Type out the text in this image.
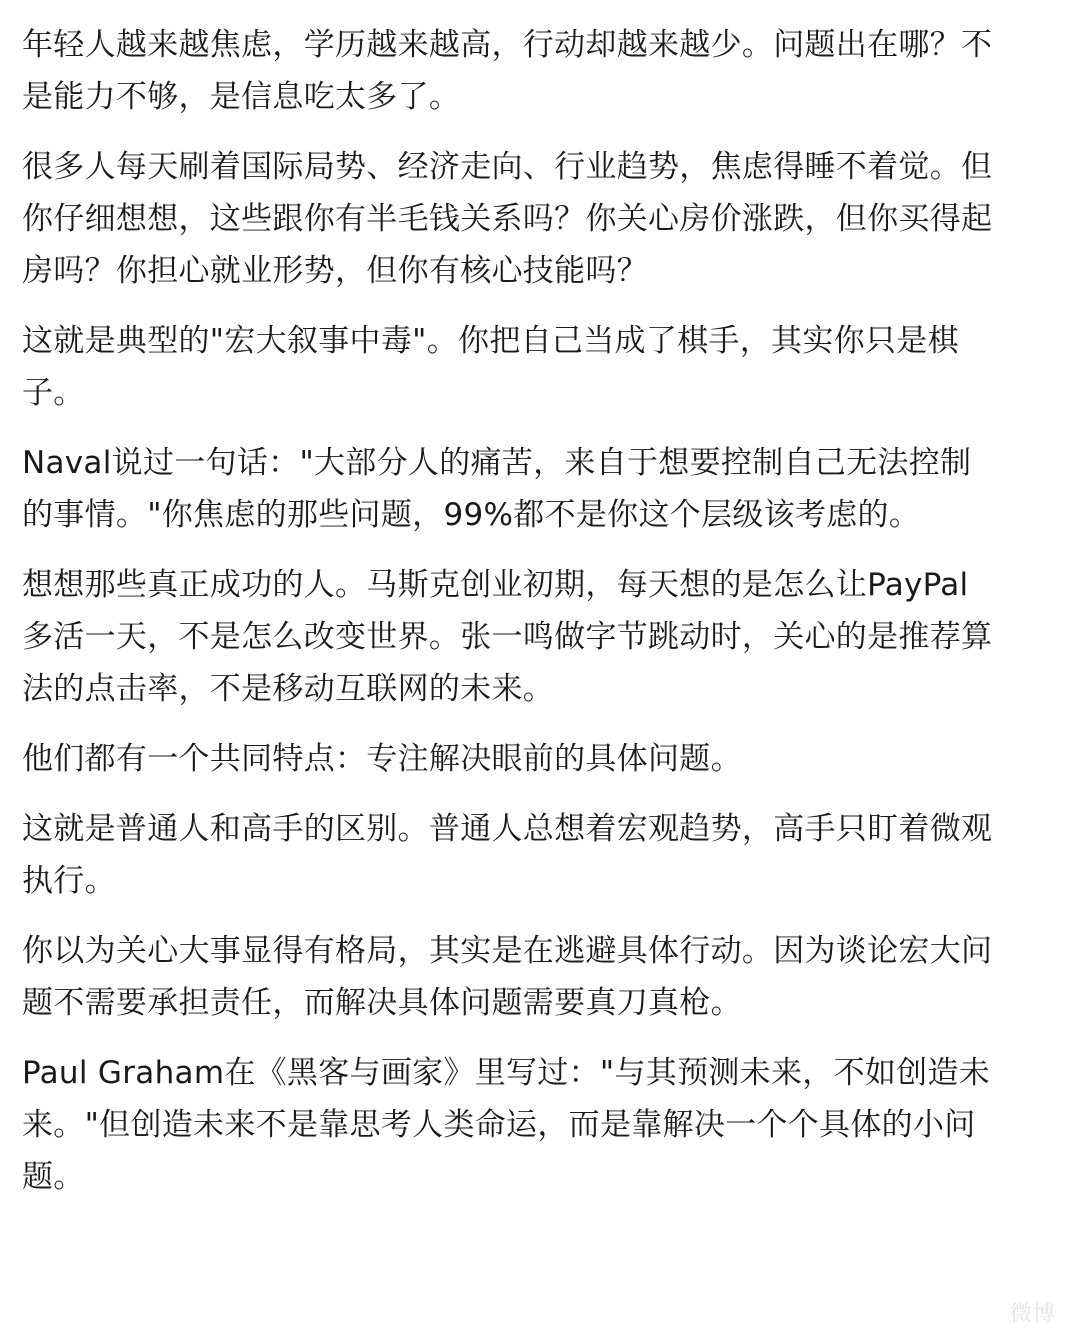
年轻人越来越焦虑，学历越来越高，行动却越来越少。问题出在哪？不是能力不够，是信息吃太多了。

很多人每天刷着国际局势、经济走向、行业趋势，焦虑得睡不着觉。但你仔细想想，这些跟你有半毛钱关系吗？你关心房价涨跌，但你买得起房吗？你担心就业形势，但你有核心技能吗？

这就是典型的"宏大叙事中毒"。你把自己当成了棋手，其实你只是棋子。

Naval说过一句话："大部分人的痛苦，来自于想要控制自己无法控制的事情。"你焦虑的那些问题，99%都不是你这个层级该考虑的。

想想那些真正成功的人。马斯克创业初期，每天想的是怎么让PayPal多活一天，不是怎么改变世界。张一鸣做字节跳动时，关心的是推荐算法的点击率，不是移动互联网的未来。

他们都有一个共同特点：专注解决眼前的具体问题。

这就是普通人和高手的区别。普通人总想着宏观趋势，高手只盯着微观执行。

你以为关心大事显得有格局，其实是在逃避具体行动。因为谈论宏大问题不需要承担责任，而解决具体问题需要真刀真枪。

Paul Graham在《黑客与画家》里写过："与其预测未来，不如创造未来。"但创造未来不是靠思考人类命运，而是靠解决一个个具体的小问题。

微博
